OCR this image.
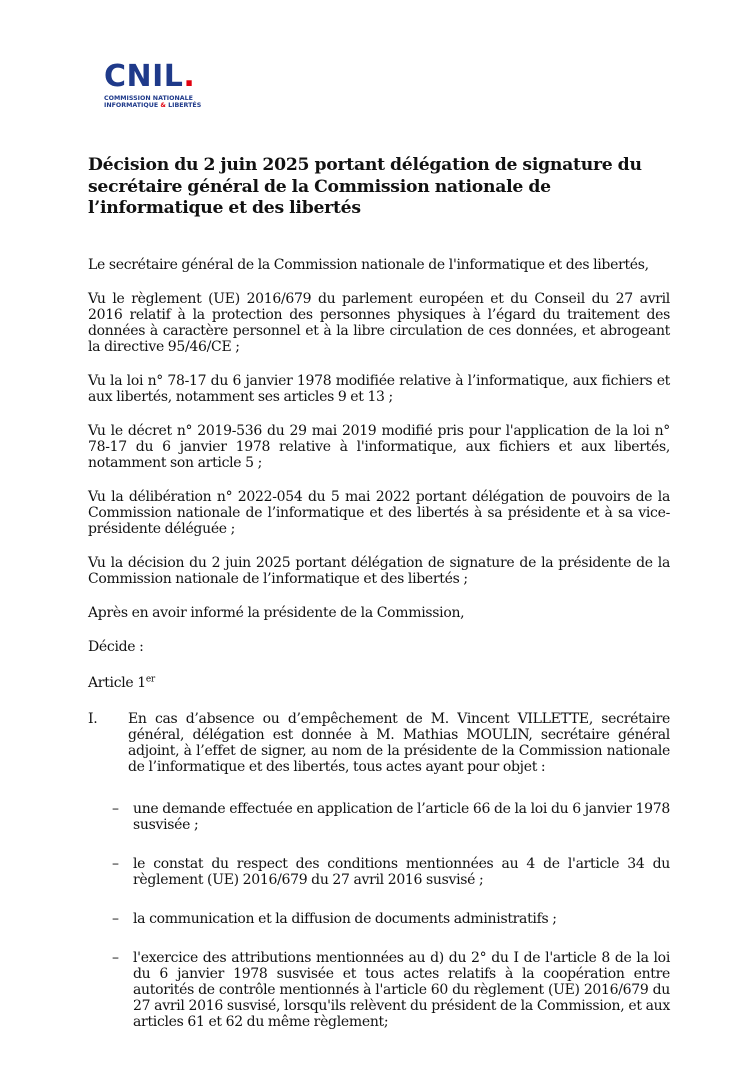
CNIL.
COMMISSION NATIONALE
INFORMATIQUE & LIBERTÉS
Décision du 2 juin 2025 portant délégation de signature du secrétaire général de la Commission nationale de l’informatique et des libertés

Le secrétaire général de la Commission nationale de l'informatique et des libertés,

Vu le règlement (UE) 2016/679 du parlement européen et du Conseil du 27 avril 2016 relatif à la protection des personnes physiques à l’égard du traitement des données à caractère personnel et à la libre circulation de ces données, et abrogeant la directive 95/46/CE ;

Vu la loi n° 78-17 du 6 janvier 1978 modifiée relative à l’informatique, aux fichiers et aux libertés, notamment ses articles 9 et 13 ;

Vu le décret n° 2019-536 du 29 mai 2019 modifié pris pour l'application de la loi n° 78-17 du 6 janvier 1978 relative à l'informatique, aux fichiers et aux libertés, notamment son article 5 ;

Vu la délibération n° 2022-054 du 5 mai 2022 portant délégation de pouvoirs de la Commission nationale de l’informatique et des libertés à sa présidente et à sa vice-présidente déléguée ;

Vu la décision du 2 juin 2025 portant délégation de signature de la présidente de la Commission nationale de l’informatique et des libertés ;

Après en avoir informé la présidente de la Commission,

Décide :

Article 1er

I.	En cas d’absence ou d’empêchement de M. Vincent VILLETTE, secrétaire général, délégation est donnée à M. Mathias MOULIN, secrétaire général adjoint, à l’effet de signer, au nom de la présidente de la Commission nationale de l’informatique et des libertés, tous actes ayant pour objet :
–	une demande effectuée en application de l’article 66 de la loi du 6 janvier 1978 susvisée ;
–	le constat du respect des conditions mentionnées au 4 de l'article 34 du règlement (UE) 2016/679 du 27 avril 2016 susvisé ;
–	la communication et la diffusion de documents administratifs ;
–	l'exercice des attributions mentionnées au d) du 2° du I de l'article 8 de la loi du 6 janvier 1978 susvisée et tous actes relatifs à la coopération entre autorités de contrôle mentionnés à l'article 60 du règlement (UE) 2016/679 du 27 avril 2016 susvisé, lorsqu'ils relèvent du président de la Commission, et aux articles 61 et 62 du même règlement;
